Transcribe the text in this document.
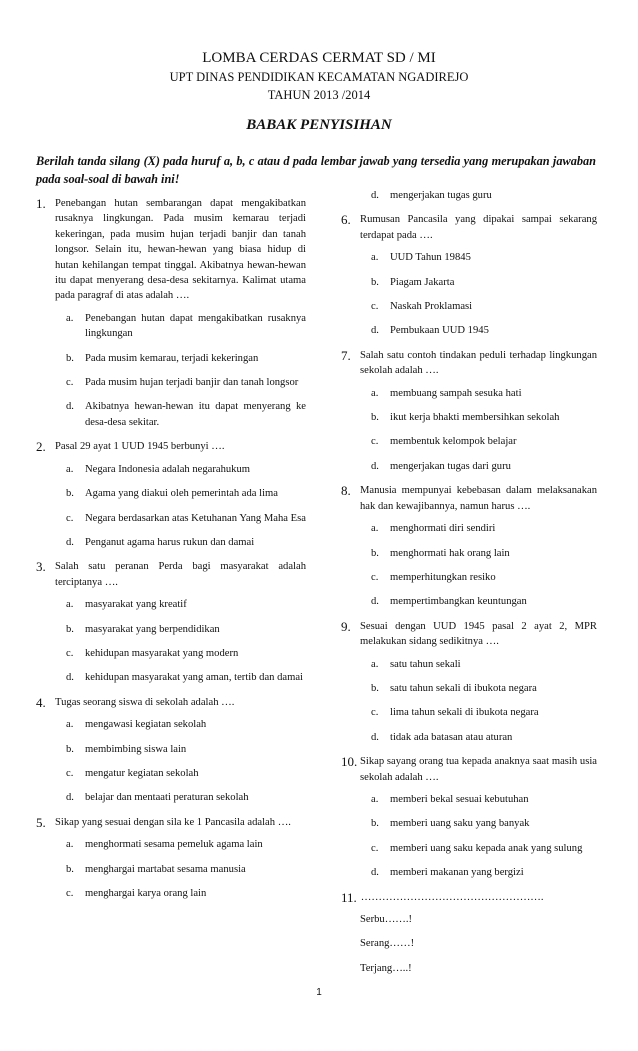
LOMBA CERDAS CERMAT SD / MI
UPT DINAS PENDIDIKAN KECAMATAN NGADIREJO
TAHUN 2013 /2014
BABAK PENYISIHAN
Berilah tanda silang (X) pada huruf a, b, c atau d pada lembar jawab yang tersedia yang merupakan jawaban pada soal-soal di bawah ini!
1. Penebangan hutan sembarangan dapat mengakibatkan rusaknya lingkungan. Pada musim kemarau terjadi kekeringan, pada musim hujan terjadi banjir dan tanah longsor. Selain itu, hewan-hewan yang biasa hidup di hutan kehilangan tempat tinggal. Akibatnya hewan-hewan itu dapat menyerang desa-desa sekitarnya. Kalimat utama pada paragraf di atas adalah ….
a.	Penebangan hutan dapat mengakibatkan rusaknya lingkungan
b.	Pada musim kemarau, terjadi kekeringan
c.	Pada musim hujan terjadi banjir dan tanah longsor
d.	Akibatnya hewan-hewan itu dapat menyerang ke desa-desa sekitar.
2. Pasal 29 ayat 1 UUD 1945 berbunyi ….
a.	Negara Indonesia adalah negarahukum
b.	Agama yang diakui oleh pemerintah ada lima
c.	Negara berdasarkan atas Ketuhanan Yang Maha Esa
d.	Penganut agama harus rukun dan damai
3. Salah satu peranan Perda bagi masyarakat adalah terciptanya ….
a.	masyarakat yang kreatif
b.	masyarakat yang berpendidikan
c.	kehidupan masyarakat yang modern
d.	kehidupan masyarakat yang aman, tertib dan damai
4. Tugas seorang siswa di sekolah adalah ….
a.	mengawasi kegiatan sekolah
b.	membimbing siswa lain
c.	mengatur kegiatan sekolah
d.	belajar dan mentaati peraturan sekolah
5. Sikap yang sesuai dengan sila ke 1 Pancasila adalah ….
a.	menghormati sesama pemeluk agama lain
b.	menghargai martabat sesama manusia
c.	menghargai karya orang lain
d.	mengerjakan tugas guru
6. Rumusan Pancasila yang dipakai sampai sekarang terdapat pada ….
a.	UUD Tahun 19845
b.	Piagam Jakarta
c.	Naskah Proklamasi
d.	Pembukaan UUD 1945
7. Salah satu contoh tindakan peduli terhadap lingkungan sekolah adalah ….
a.	membuang sampah sesuka hati
b.	ikut kerja bhakti membersihkan sekolah
c.	membentuk kelompok belajar
d.	mengerjakan tugas dari guru
8. Manusia mempunyai kebebasan dalam melaksanakan hak dan kewajibannya, namun harus ….
a.	menghormati diri sendiri
b.	menghormati hak orang lain
c.	memperhitungkan resiko
d.	mempertimbangkan keuntungan
9. Sesuai dengan UUD 1945 pasal 2 ayat 2, MPR melakukan sidang sedikitnya ….
a.	satu tahun sekali
b.	satu tahun sekali di ibukota negara
c.	lima tahun sekali di ibukota negara
d.	tidak ada batasan atau aturan
10. Sikap sayang orang tua kepada anaknya saat masih usia sekolah adalah ….
a.	memberi bekal sesuai kebutuhan
b.	memberi uang saku yang banyak
c.	memberi uang saku kepada anak yang sulung
d.	memberi makanan yang bergizi
11. …………………………………………….
Serbu…….!
Serang……!
Terjang…..!
1
